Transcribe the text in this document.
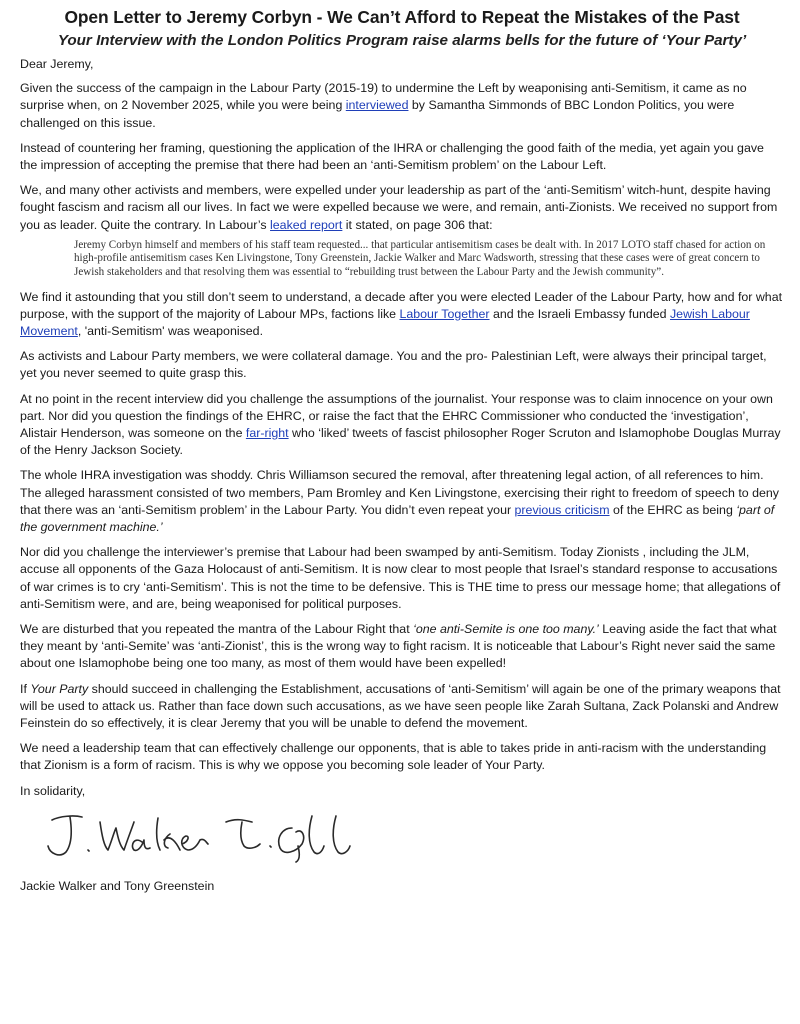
Open Letter to Jeremy Corbyn - We Can’t Afford to Repeat the Mistakes of the Past
Your Interview with the London Politics Program raise alarms bells for the future of ‘Your Party’

Dear Jeremy,

Given the success of the campaign in the Labour Party (2015-19) to undermine the Left by weaponising anti-Semitism, it came as no surprise when, on 2 November 2025, while you were being interviewed by Samantha Simmonds of BBC London Politics, you were challenged on this issue.

Instead of countering her framing, questioning the application of the IHRA or challenging the good faith of the media, yet again you gave the impression of accepting the premise that there had been an ‘anti-Semitism problem’ on the Labour Left.

We, and many other activists and members, were expelled under your leadership as part of the ‘anti-Semitism’ witch-hunt, despite having fought fascism and racism all our lives. In fact we were expelled because we were, and remain, anti-Zionists. We received no support from you as leader. Quite the contrary. In Labour’s leaked report it stated, on page 306 that:

Jeremy Corbyn himself and members of his staff team requested... that particular antisemitism cases be dealt with. In 2017 LOTO staff chased for action on high-profile antisemitism cases Ken Livingstone, Tony Greenstein, Jackie Walker and Marc Wadsworth, stressing that these cases were of great concern to Jewish stakeholders and that resolving them was essential to “rebuilding trust between the Labour Party and the Jewish community”.

We find it astounding that you still don’t seem to understand, a decade after you were elected Leader of the Labour Party, how and for what purpose, with the support of the majority of Labour MPs, factions like Labour Together and the Israeli Embassy funded Jewish Labour Movement, 'anti-Semitism' was weaponised.

As activists and Labour Party members, we were collateral damage. You and the pro- Palestinian Left, were always their principal target, yet you never seemed to quite grasp this.

At no point in the recent interview did you challenge the assumptions of the journalist. Your response was to claim innocence on your own part. Nor did you question the findings of the EHRC, or raise the fact that the EHRC Commissioner who conducted the ‘investigation’, Alistair Henderson, was someone on the far-right who ‘liked’ tweets of fascist philosopher Roger Scruton and Islamophobe Douglas Murray of the Henry Jackson Society.

The whole IHRA investigation was shoddy. Chris Williamson secured the removal, after threatening legal action, of all references to him. The alleged harassment consisted of two members, Pam Bromley and Ken Livingstone, exercising their right to freedom of speech to deny that there was an ‘anti-Semitism problem’ in the Labour Party. You didn’t even repeat your previous criticism of the EHRC as being ‘part of the government machine.’

Nor did you challenge the interviewer’s premise that Labour had been swamped by anti-Semitism. Today Zionists , including the JLM, accuse all opponents of the Gaza Holocaust of anti-Semitism. It is now clear to most people that Israel’s standard response to accusations of war crimes is to cry ‘anti-Semitism’. This is not the time to be defensive. This is THE time to press our message home; that allegations of anti-Semitism were, and are, being weaponised for political purposes.

We are disturbed that you repeated the mantra of the Labour Right that ‘one anti-Semite is one too many.’ Leaving aside the fact that what they meant by ‘anti-Semite’ was ‘anti-Zionist’, this is the wrong way to fight racism. It is noticeable that Labour’s Right never said the same about one Islamophobe being one too many, as most of them would have been expelled!

If Your Party should succeed in challenging the Establishment, accusations of ‘anti-Semitism’ will again be one of the primary weapons that will be used to attack us. Rather than face down such accusations, as we have seen people like Zarah Sultana, Zack Polanski and Andrew Feinstein do so effectively, it is clear Jeremy that you will be unable to defend the movement.

We need a leadership team that can effectively challenge our opponents, that is able to takes pride in anti-racism with the understanding that Zionism is a form of racism. This is why we oppose you becoming sole leader of Your Party.

In solidarity,

Jackie Walker and Tony Greenstein
